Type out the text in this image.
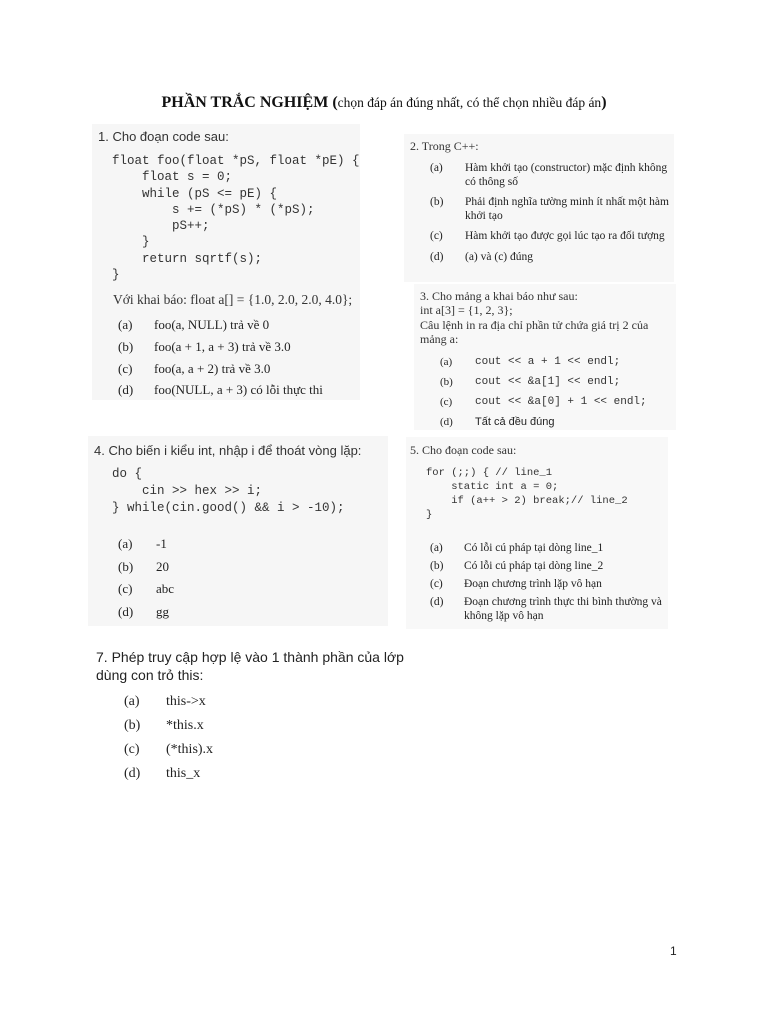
PHẦN TRẮC NGHIỆM (chọn đáp án đúng nhất, có thể chọn nhiều đáp án)
1. Cho đoạn code sau:
float foo(float *pS, float *pE) {
float s = 0;
while (pS <= pE) {
s += (*pS) * (*pS);
pS++;
}
return sqrtf(s);
}
Với khai báo: float a[] = {1.0, 2.0, 2.0, 4.0};
(a)	foo(a, NULL) trả về 0
(b)	foo(a + 1, a + 3) trả về 3.0
(c)	foo(a, a + 2) trả về 3.0
(d)	foo(NULL, a + 3) có lỗi thực thi
2. Trong C++:
(a)	Hàm khởi tạo (constructor) mặc định không có thông số
(b)	Phải định nghĩa tường minh ít nhất một hàm khởi tạo
(c)	Hàm khởi tạo được gọi lúc tạo ra đối tượng
(d)	(a) và (c) đúng
3. Cho mảng a khai báo như sau:
int a[3] = {1, 2, 3};
Câu lệnh in ra địa chỉ phần tử chứa giá trị 2 của mảng a:
(a)	cout << a + 1 << endl;
(b)	cout << &a[1] << endl;
(c)	cout << &a[0] + 1 << endl;
(d)	Tất cả đều đúng
4. Cho biến i kiểu int, nhập i để thoát vòng lặp:
do {
cin >> hex >> i;
} while(cin.good() && i > -10);
(a)	-1
(b)	20
(c)	abc
(d)	gg
5. Cho đoạn code sau:
for (;;) { // line_1
static int a = 0;
if (a++ > 2) break;// line_2
}
(a)	Có lỗi cú pháp tại dòng line_1
(b)	Có lỗi cú pháp tại dòng line_2
(c)	Đoạn chương trình lặp vô hạn
(d)	Đoạn chương trình thực thi bình thường và không lặp vô hạn
7. Phép truy cập hợp lệ vào 1 thành phần của lớp dùng con trỏ this:
(a)	this->x
(b)	*this.x
(c)	(*this).x
(d)	this_x
1
